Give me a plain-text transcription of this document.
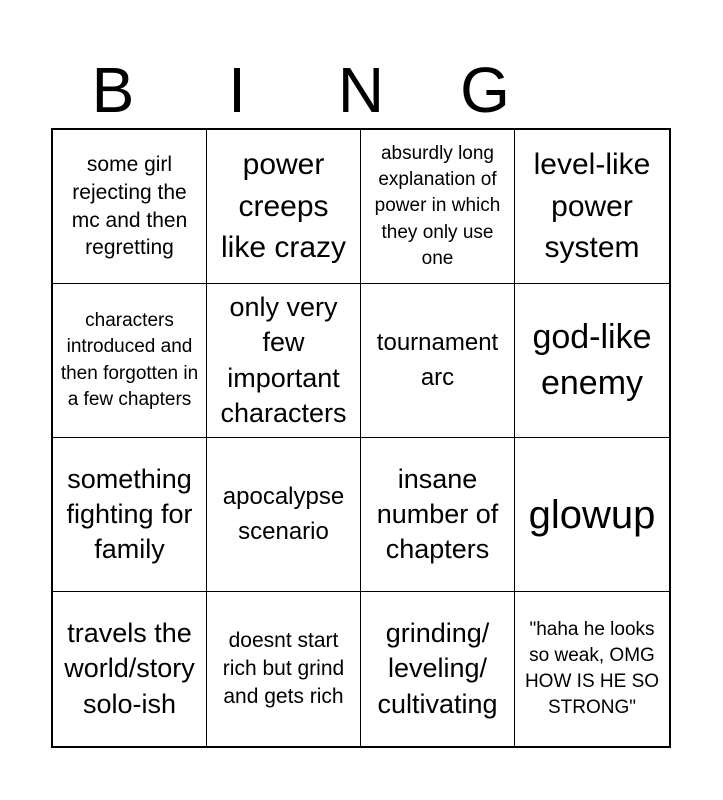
B	I	N	G
some girl rejecting the mc and then regretting
power creeps like crazy
absurdly long explanation of power in which they only use one
level-like power system
characters introduced and then forgotten in a few chapters
only very few important characters
tournament arc
god-like enemy
something fighting for family
apocalypse scenario
insane number of chapters
glowup
travels the world/story solo-ish
doesnt start rich but grind and gets rich
grinding/ leveling/ cultivating
"haha he looks so weak, OMG HOW IS HE SO STRONG"
